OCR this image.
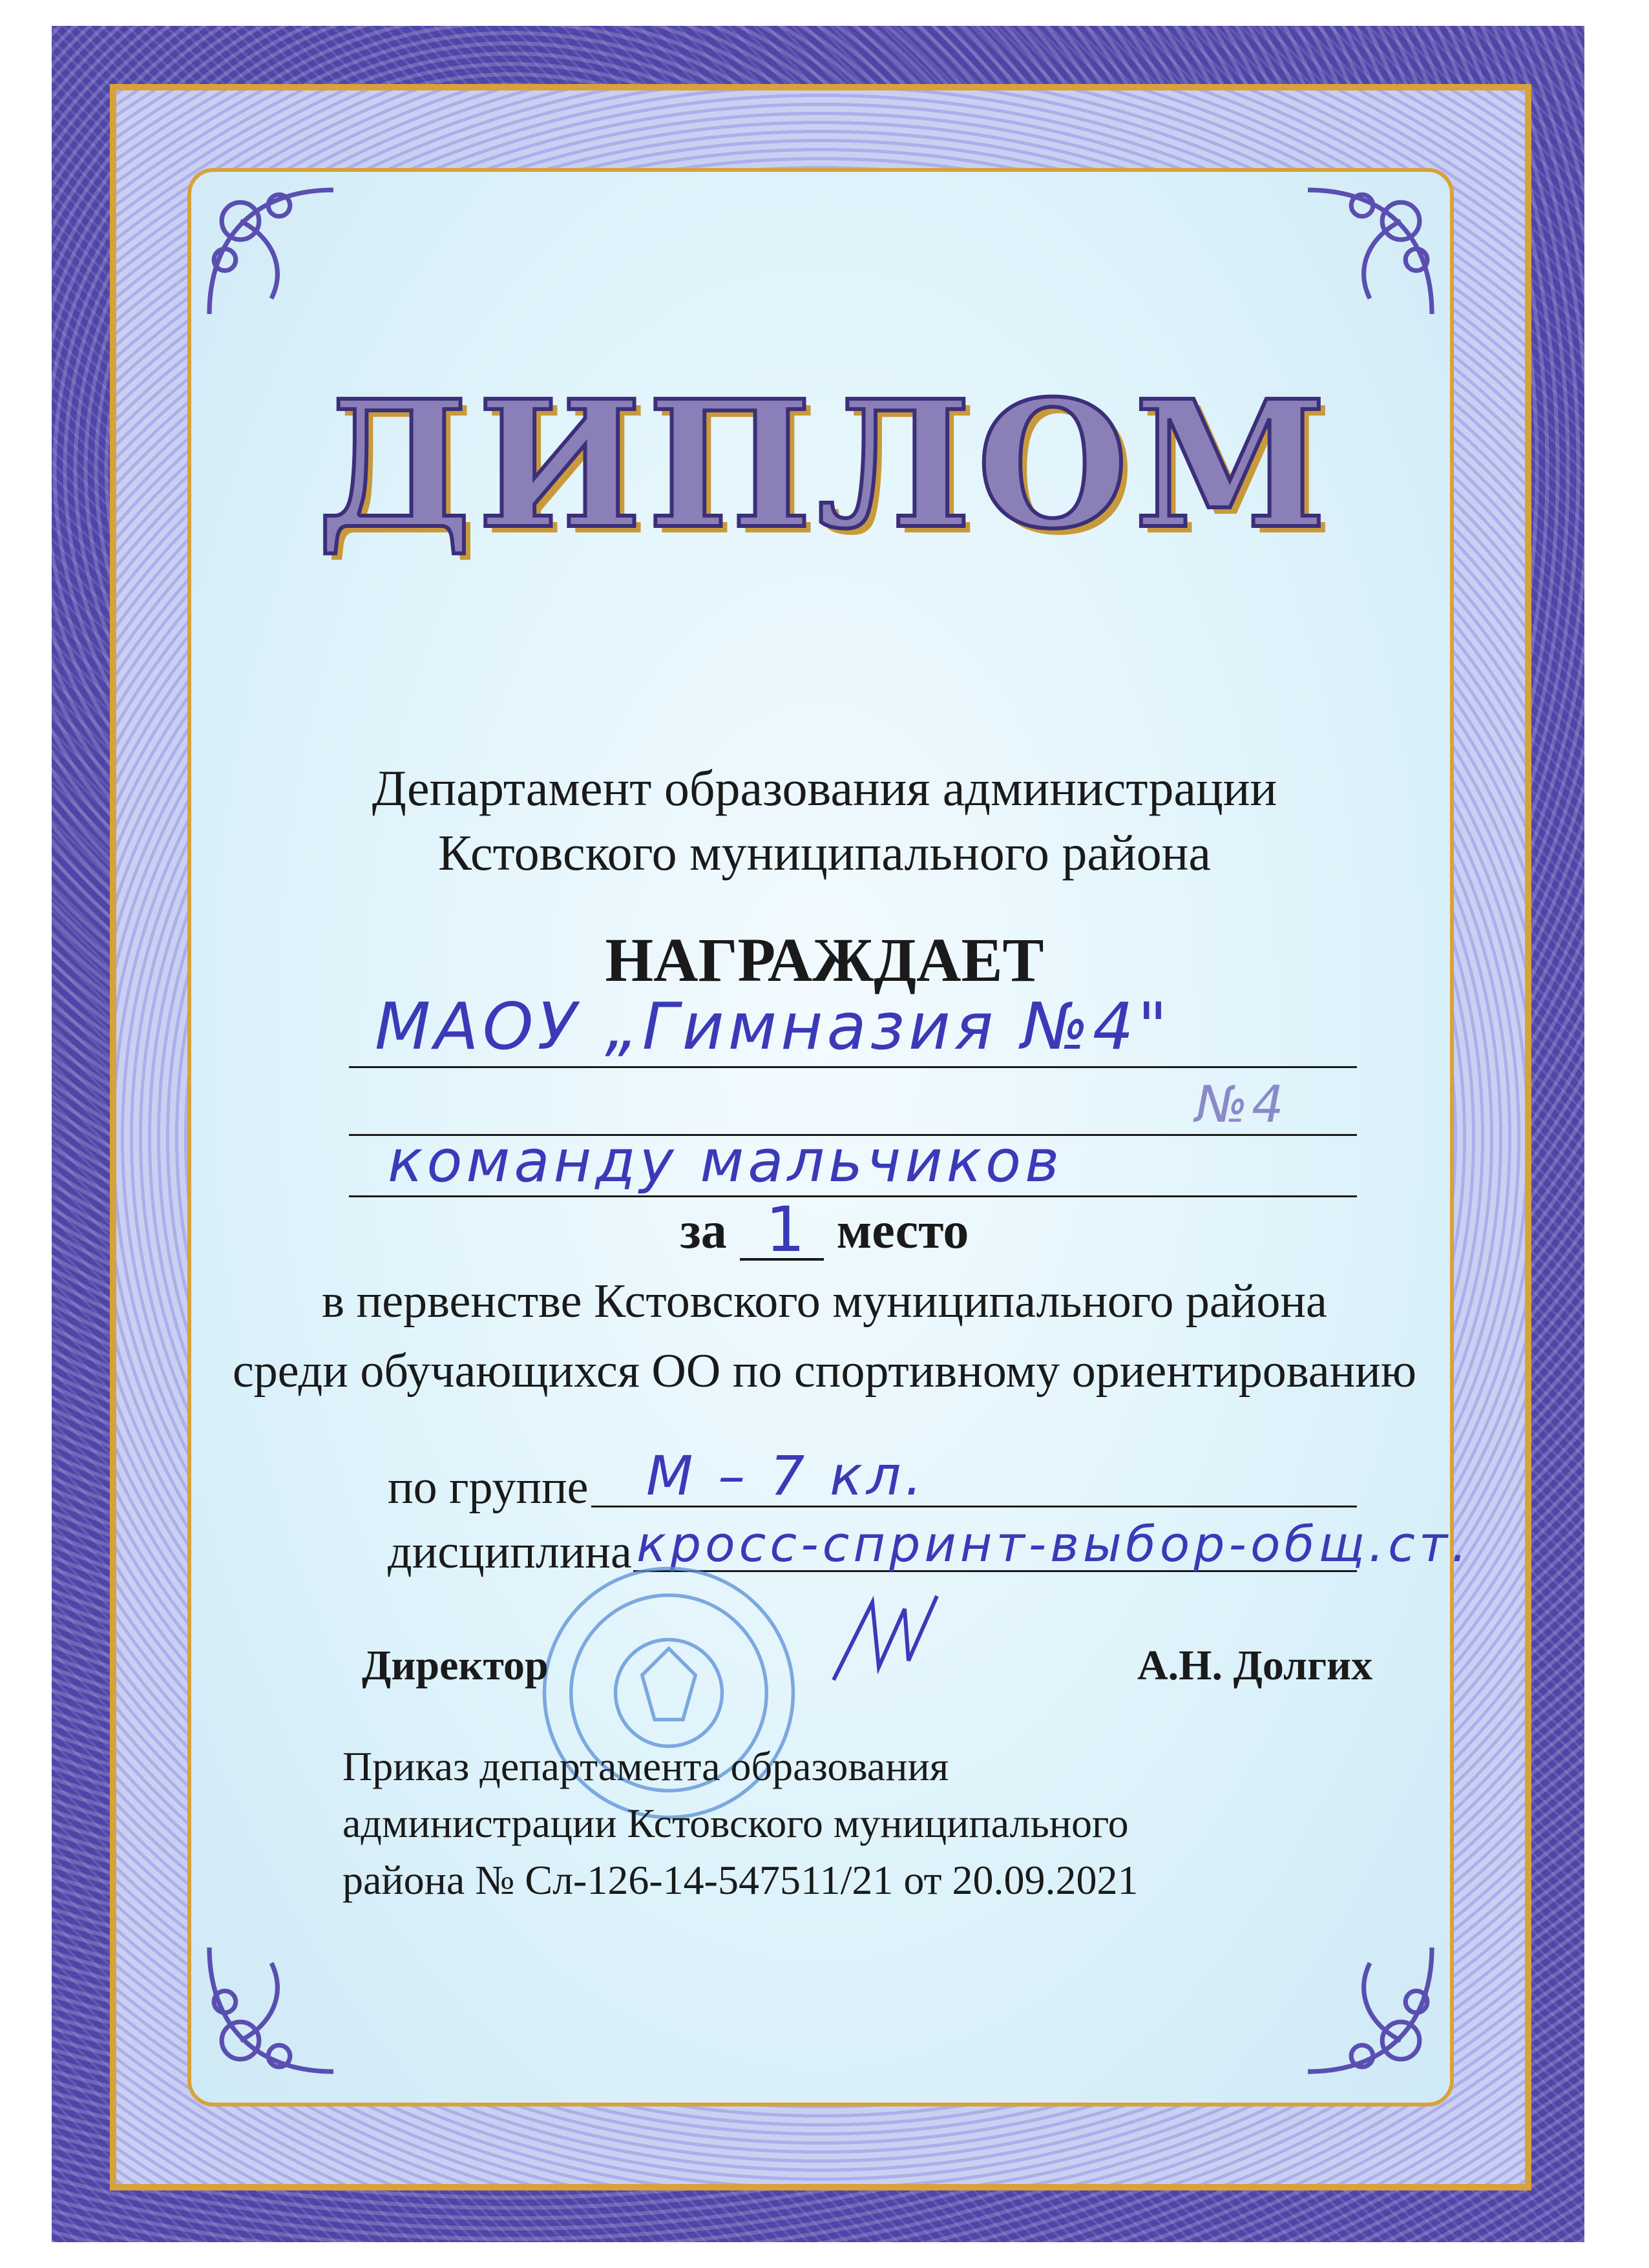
ДИПЛОМ
Департамент образования администрации
Кстовского муниципального района
НАГРАЖДАЕТ
МАОУ „Гимназия №4"
№4
команду мальчиков
за 1 место
в первенстве Кстовского муниципального района
среди обучающихся ОО по спортивному ориентированию
по группе М – 7 кл.
дисциплина кросс-спринт-выбор-общ.ст.
Директор	А.Н. Долгих
Приказ департамента образования
администрации Кстовского муниципального
района № Сл-126-14-547511/21 от 20.09.2021
